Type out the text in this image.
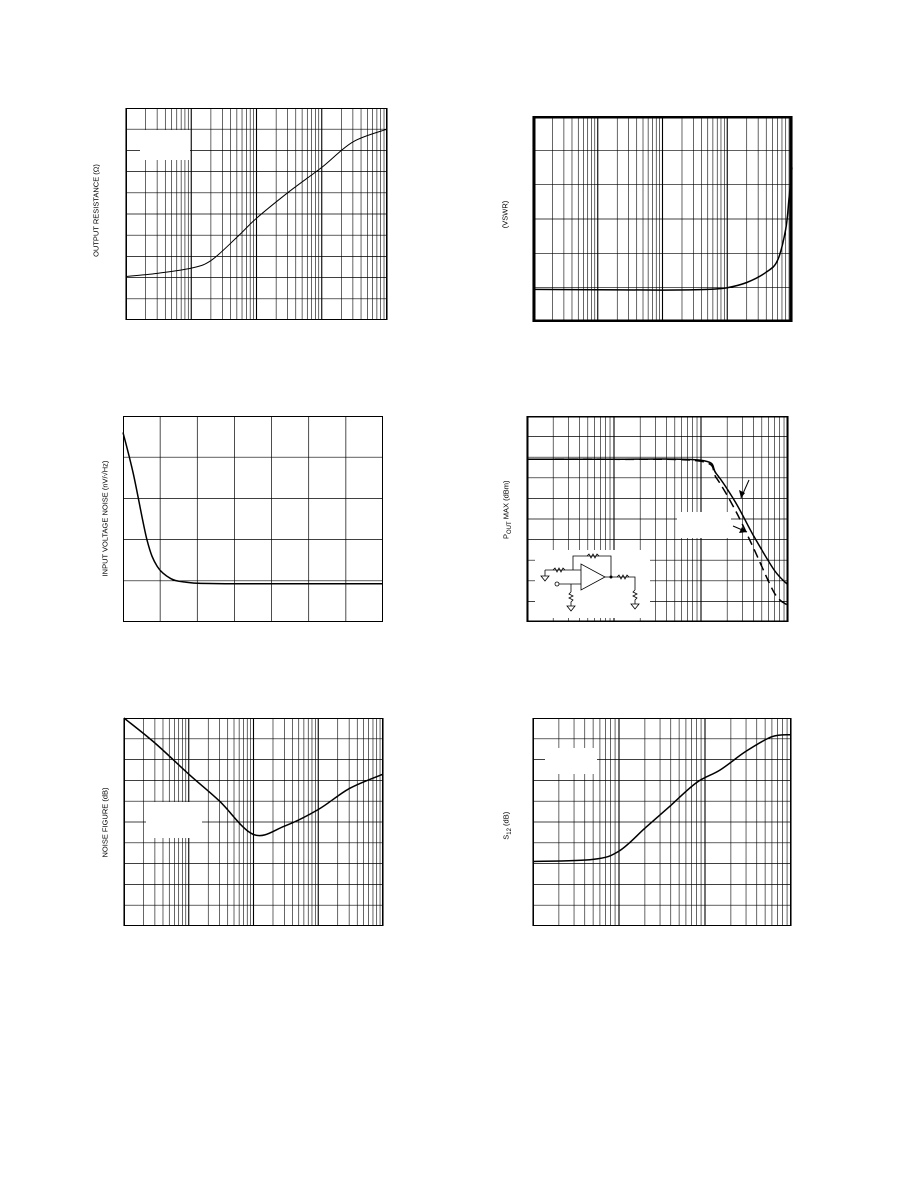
OUTPUT RESISTANCE (Ω)	(VSWR)
INPUT VOLTAGE NOISE (nV/√Hz)	$P_{OUT}$ MAX (dBm)
NOISE FIGURE (dB)	$S_{12}$ (dB)
